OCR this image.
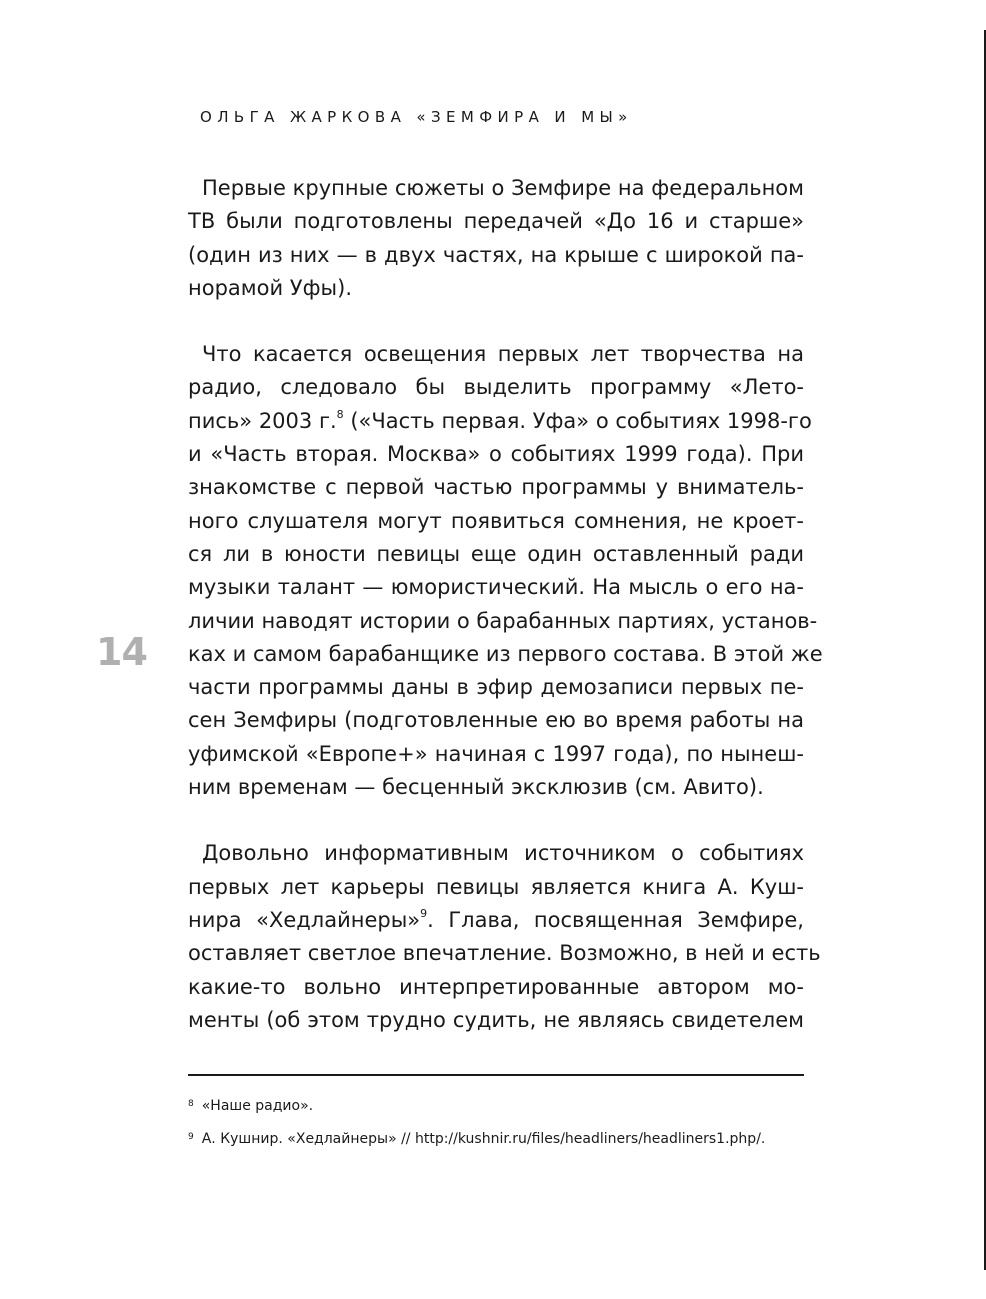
ОЛЬГА ЖАРКОВА «ЗЕМФИРА И МЫ»
14
Первые крупные сюжеты о Земфире на федеральном
ТВ были подготовлены передачей «До 16 и старше»
(один из них — в двух частях, на крыше с широкой па-
норамой Уфы).
Что касается освещения первых лет творчества на
радио, следовало бы выделить программу «Лето-
пись» 2003 г.$^8$ («Часть первая. Уфа» о событиях 1998-го
и «Часть вторая. Москва» о событиях 1999 года). При
знакомстве с первой частью программы у вниматель-
ного слушателя могут появиться сомнения, не кроет-
ся ли в юности певицы еще один оставленный ради
музыки талант — юмористический. На мысль о его на-
личии наводят истории о барабанных партиях, установ-
ках и самом барабанщике из первого состава. В этой же
части программы даны в эфир демозаписи первых пе-
сен Земфиры (подготовленные ею во время работы на
уфимской «Европе+» начиная с 1997 года), по нынеш-
ним временам — бесценный эксклюзив (см. Авито).
Довольно информативным источником о событиях
первых лет карьеры певицы является книга А. Куш-
нира «Хедлайнеры»$^9$. Глава, посвященная Земфире,
оставляет светлое впечатление. Возможно, в ней и есть
какие-то вольно интерпретированные автором мо-
менты (об этом трудно судить, не являясь свидетелем
$^8$ «Наше радио».
$^9$ А. Кушнир. «Хедлайнеры» // http://kushnir.ru/files/headliners/headliners1.php/.
